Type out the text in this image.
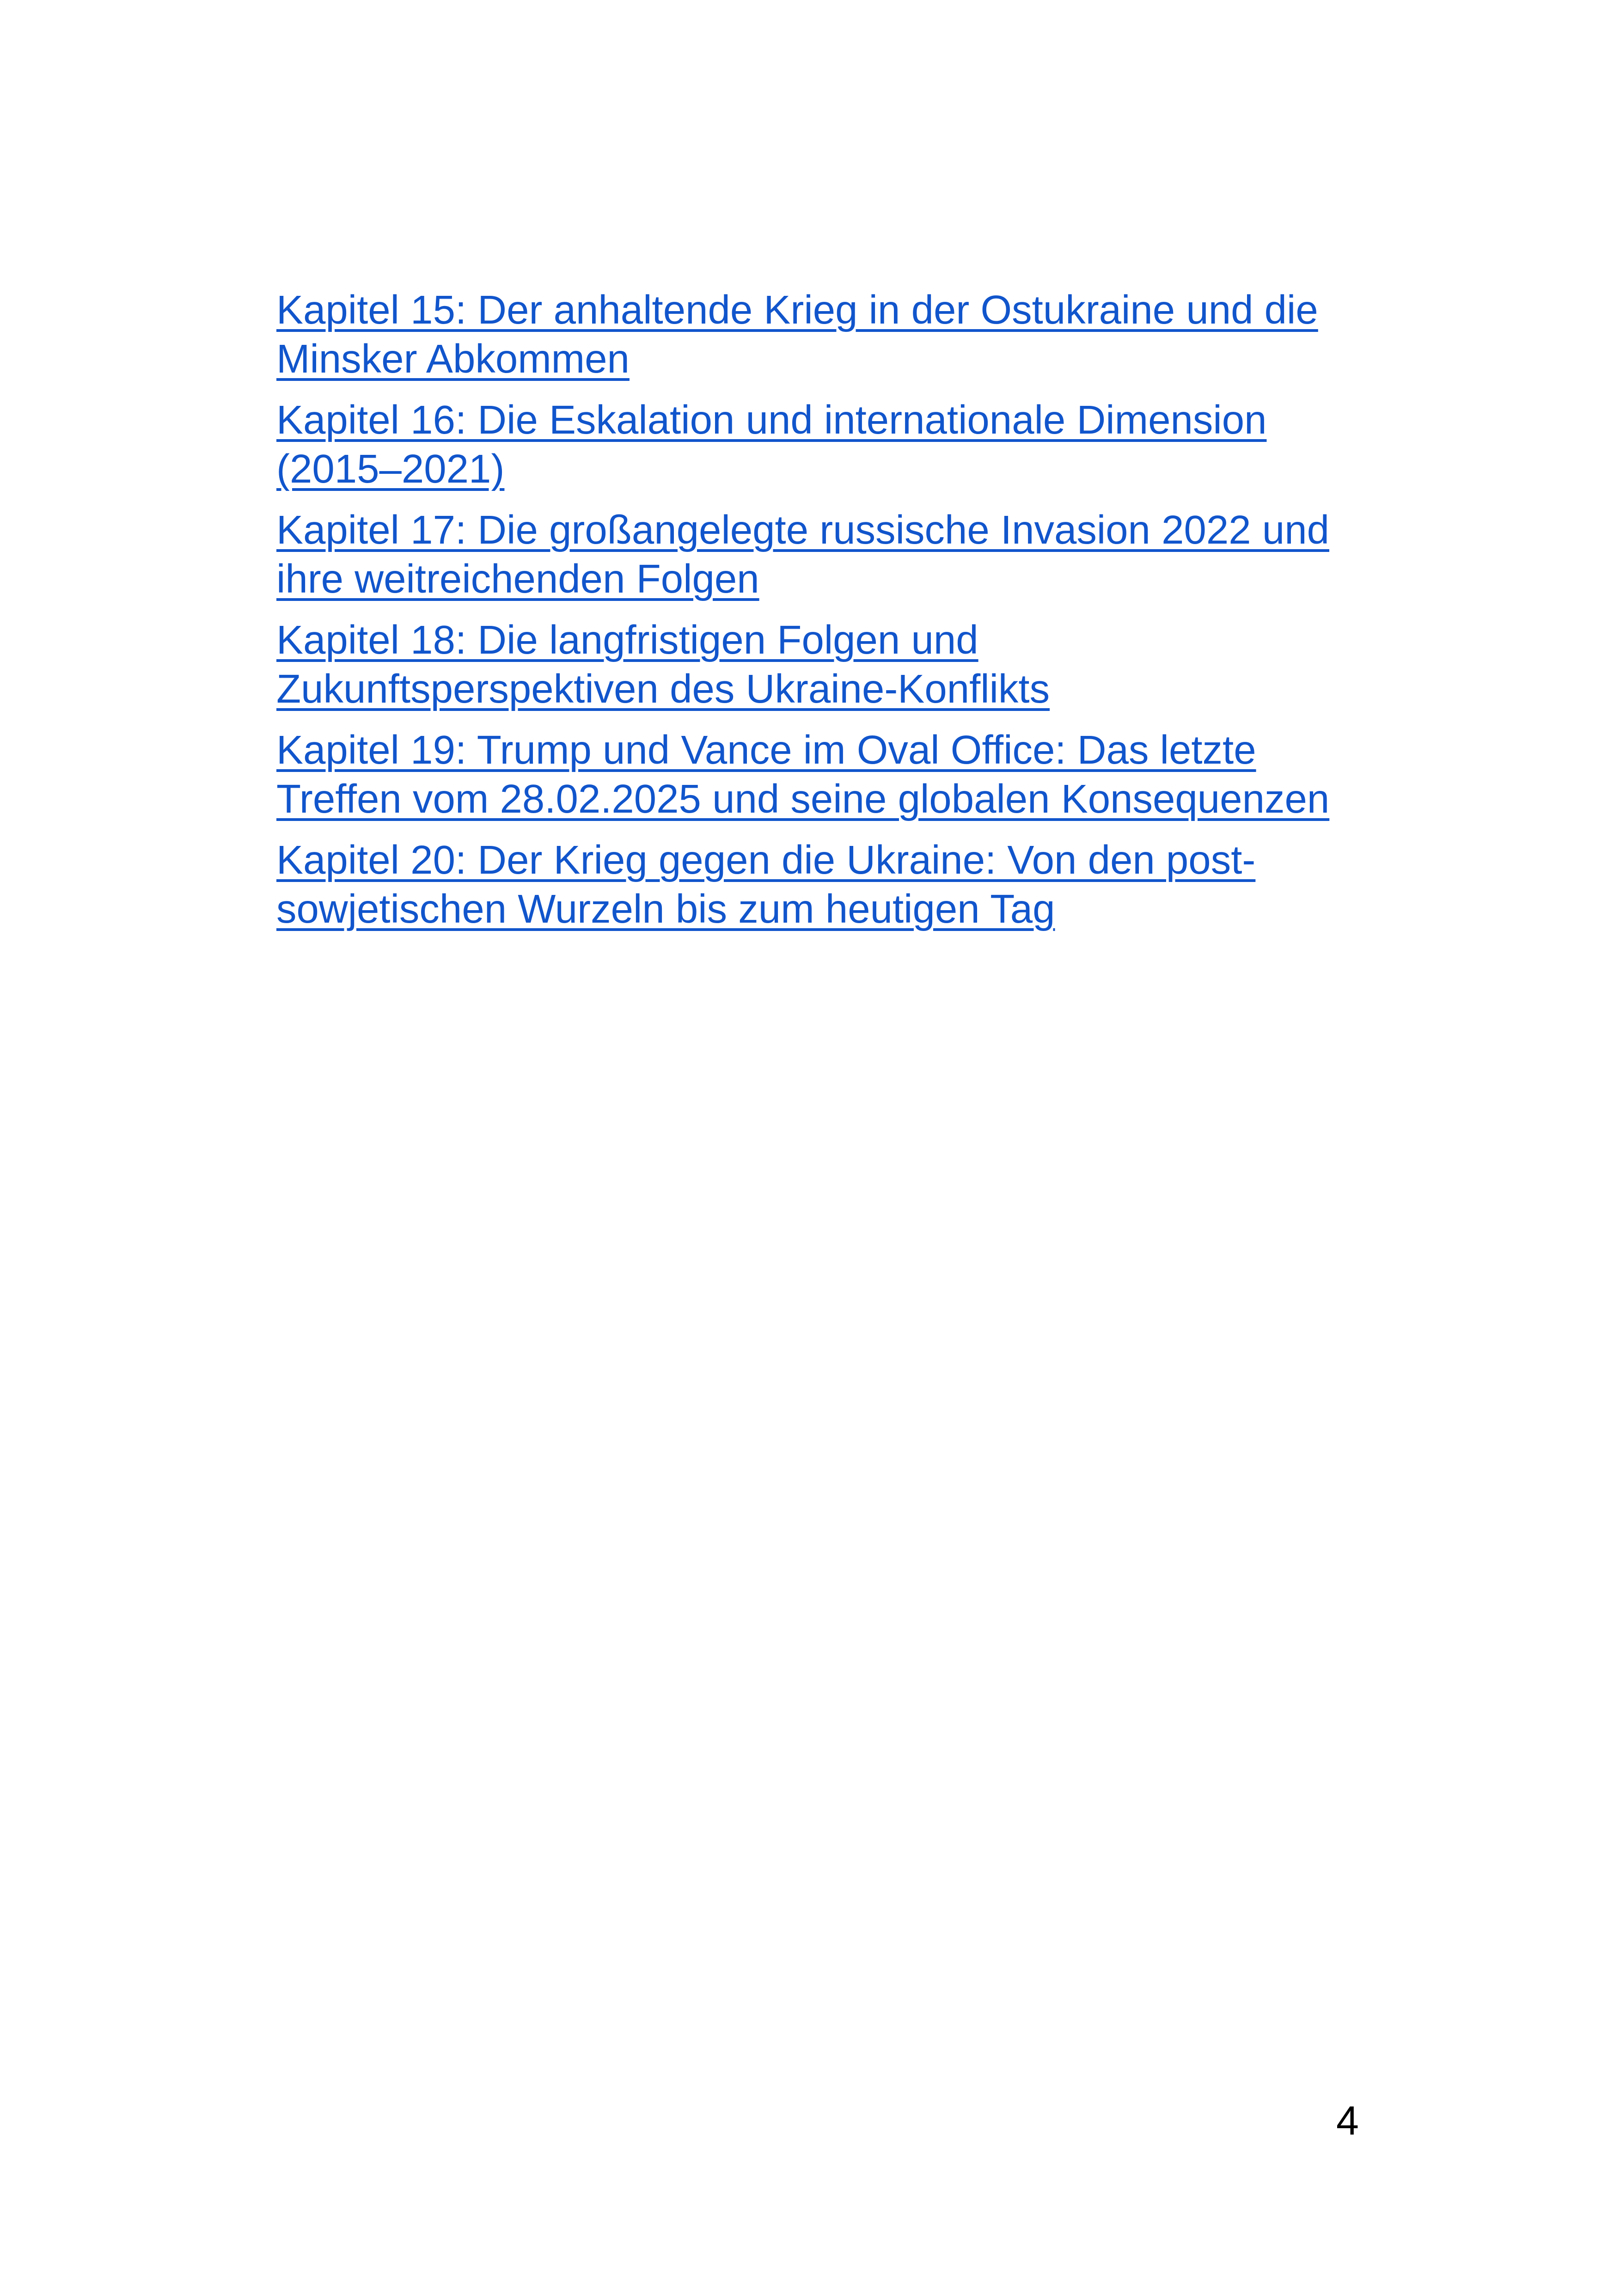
Kapitel 15: Der anhaltende Krieg in der Ostukraine und die Minsker Abkommen
Kapitel 16: Die Eskalation und internationale Dimension (2015–2021)
Kapitel 17: Die großangelegte russische Invasion 2022 und ihre weitreichenden Folgen
Kapitel 18: Die langfristigen Folgen und Zukunftsperspektiven des Ukraine-Konflikts
Kapitel 19: Trump und Vance im Oval Office: Das letzte Treffen vom 28.02.2025 und seine globalen Konsequenzen
Kapitel 20: Der Krieg gegen die Ukraine: Von den post-sowjetischen Wurzeln bis zum heutigen Tag
4
